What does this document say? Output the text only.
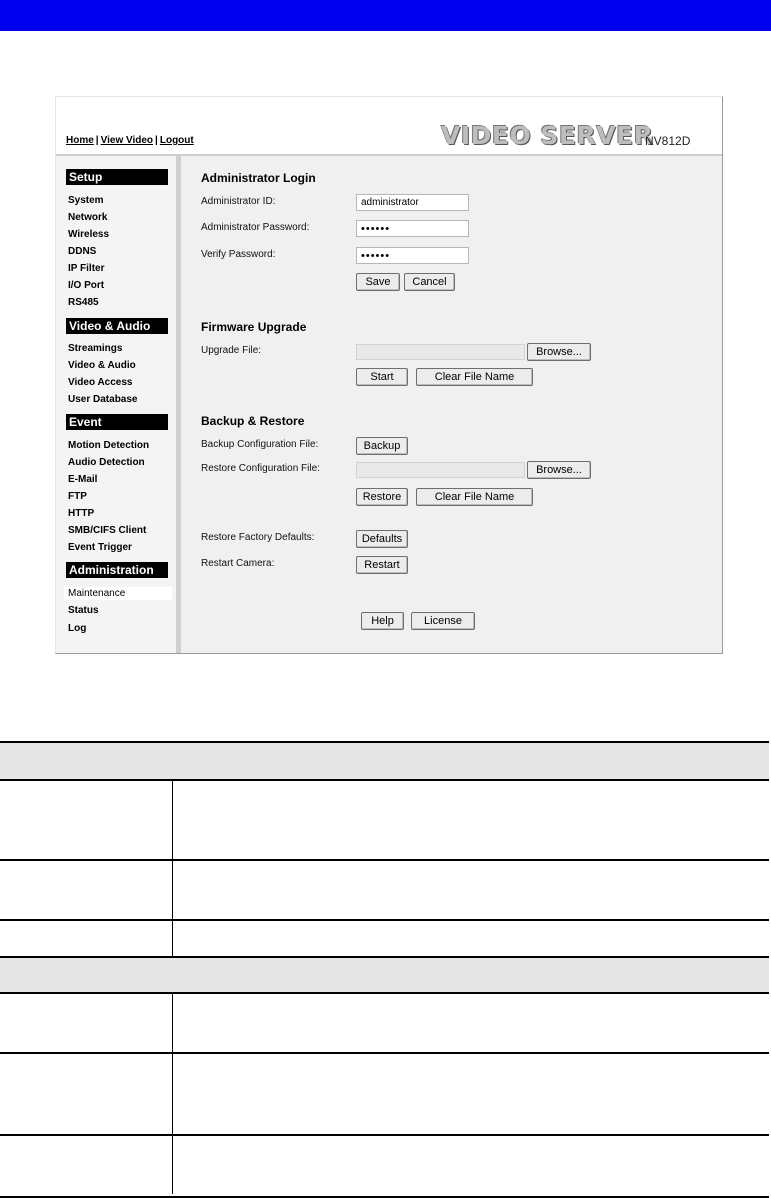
Home | View Video | Logout	VIDEO SERVER
NV812D
Setup
System
Network
Wireless
DDNS
IP Filter
I/O Port
RS485
Video & Audio
Streamings
Video & Audio
Video Access
User Database
Event
Motion Detection
Audio Detection
E-Mail
FTP
HTTP
SMB/CIFS Client
Event Trigger
Administration
Maintenance
Status
Log
Administrator Login
Administrator ID:	administrator
Administrator Password:	••••••
Verify Password:	••••••
Save	Cancel
Firmware Upgrade
Upgrade File:	Browse...
Start	Clear File Name
Backup & Restore
Backup Configuration File:	Backup
Restore Configuration File:	Browse...
Restore	Clear File Name
Restore Factory Defaults:	Defaults
Restart Camera:	Restart
Help	License
